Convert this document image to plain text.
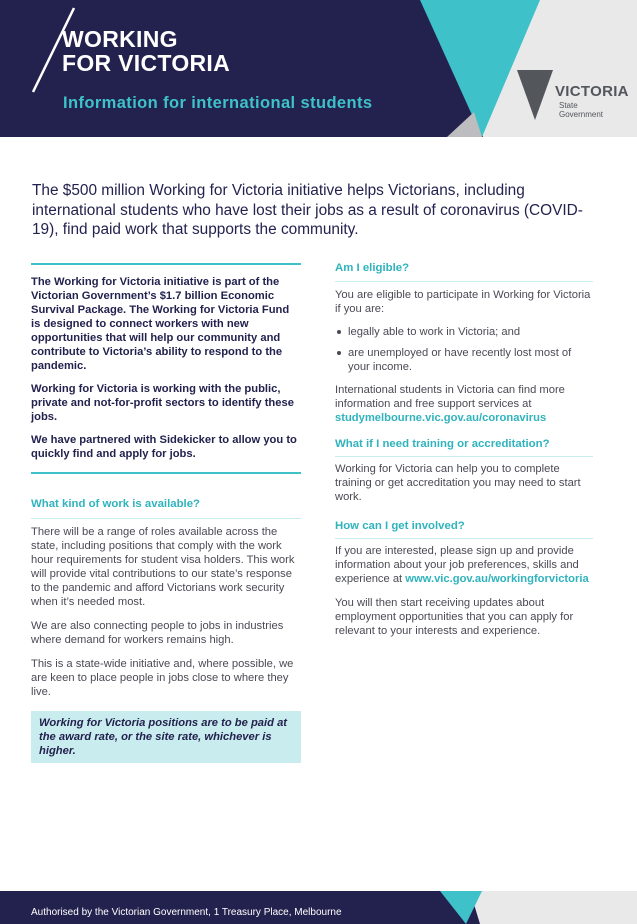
WORKING
FOR VICTORIA
Information for international students
VICTORIA
State
Government

The $500 million Working for Victoria initiative helps Victorians, including international students who have lost their jobs as a result of coronavirus (COVID-19), find paid work that supports the community.

The Working for Victoria initiative is part of the Victorian Government’s $1.7 billion Economic Survival Package. The Working for Victoria Fund is designed to connect workers with new opportunities that will help our community and contribute to Victoria’s ability to respond to the pandemic.

Working for Victoria is working with the public, private and not-for-profit sectors to identify these jobs.

We have partnered with Sidekicker to allow you to quickly find and apply for jobs.

What kind of work is available?

There will be a range of roles available across the state, including positions that comply with the work hour requirements for student visa holders. This work will provide vital contributions to our state’s response to the pandemic and afford Victorians work security when it’s needed most.

We are also connecting people to jobs in industries where demand for workers remains high.

This is a state-wide initiative and, where possible, we are keen to place people in jobs close to where they live.

Working for Victoria positions are to be paid at the award rate, or the site rate, whichever is higher.

Am I eligible?

You are eligible to participate in Working for Victoria if you are:

legally able to work in Victoria; and
are unemployed or have recently lost most of your income.

International students in Victoria can find more information and free support services at studymelbourne.vic.gov.au/coronavirus

What if I need training or accreditation?

Working for Victoria can help you to complete training or get accreditation you may need to start work.

How can I get involved?

If you are interested, please sign up and provide information about your job preferences, skills and experience at www.vic.gov.au/workingforvictoria

You will then start receiving updates about employment opportunities that you can apply for relevant to your interests and experience.

Authorised by the Victorian Government, 1 Treasury Place, Melbourne
